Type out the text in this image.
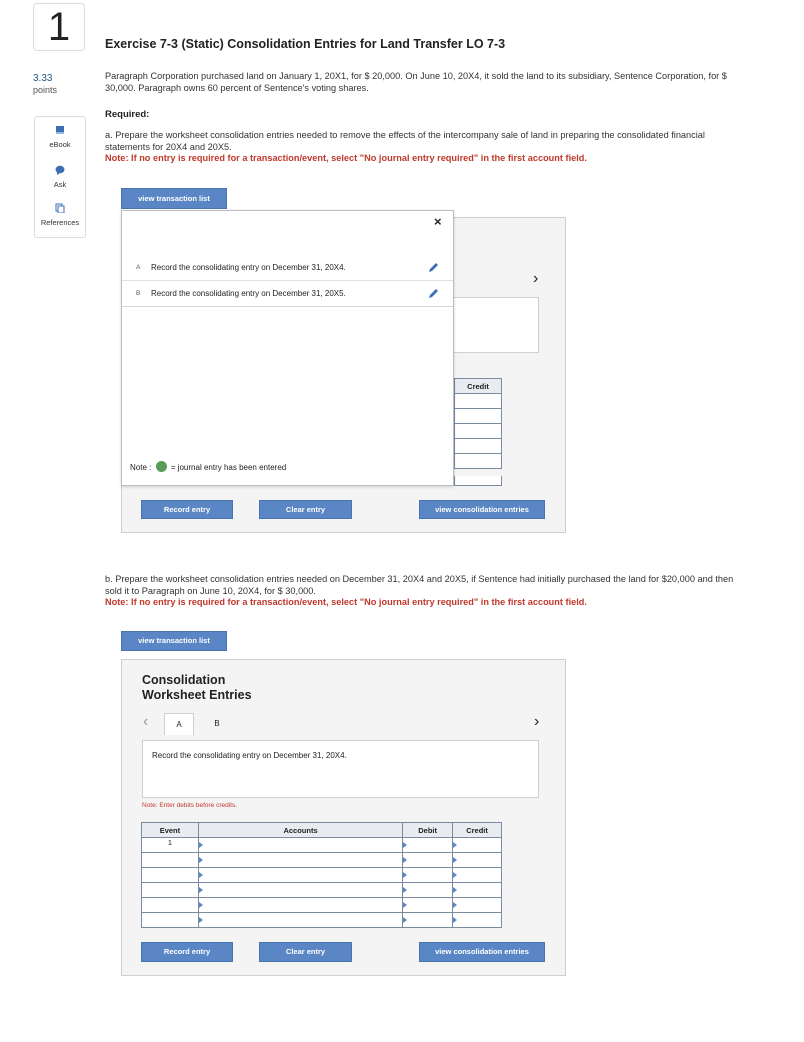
1
3.33
points
eBook
Ask
References
Exercise 7-3 (Static) Consolidation Entries for Land Transfer LO 7-3
Paragraph Corporation purchased land on January 1, 20X1, for $ 20,000. On June 10, 20X4, it sold the land to its subsidiary, Sentence Corporation, for $ 30,000. Paragraph owns 60 percent of Sentence's voting shares.
Required:
a. Prepare the worksheet consolidation entries needed to remove the effects of the intercompany sale of land in preparing the consolidated financial statements for 20X4 and 20X5.
Note: If no entry is required for a transaction/event, select "No journal entry required" in the first account field.
view transaction list
›
Credit

Record entry	Clear entry	view consolidation entries
×
A Record the consolidating entry on December 31, 20X4.
B Record the consolidating entry on December 31, 20X5.
Note : = journal entry has been entered
b. Prepare the worksheet consolidation entries needed on December 31, 20X4 and 20X5, if Sentence had initially purchased the land for $20,000 and then sold it to Paragraph on June 10, 20X4, for $ 30,000.
Note: If no entry is required for a transaction/event, select "No journal entry required" in the first account field.
view transaction list
Consolidation
Worksheet Entries
‹	›
A	B
Record the consolidating entry on December 31, 20X4.
Note: Enter debits before credits.
Event	Accounts	Debit	Credit
1			

Record entry	Clear entry	view consolidation entries
